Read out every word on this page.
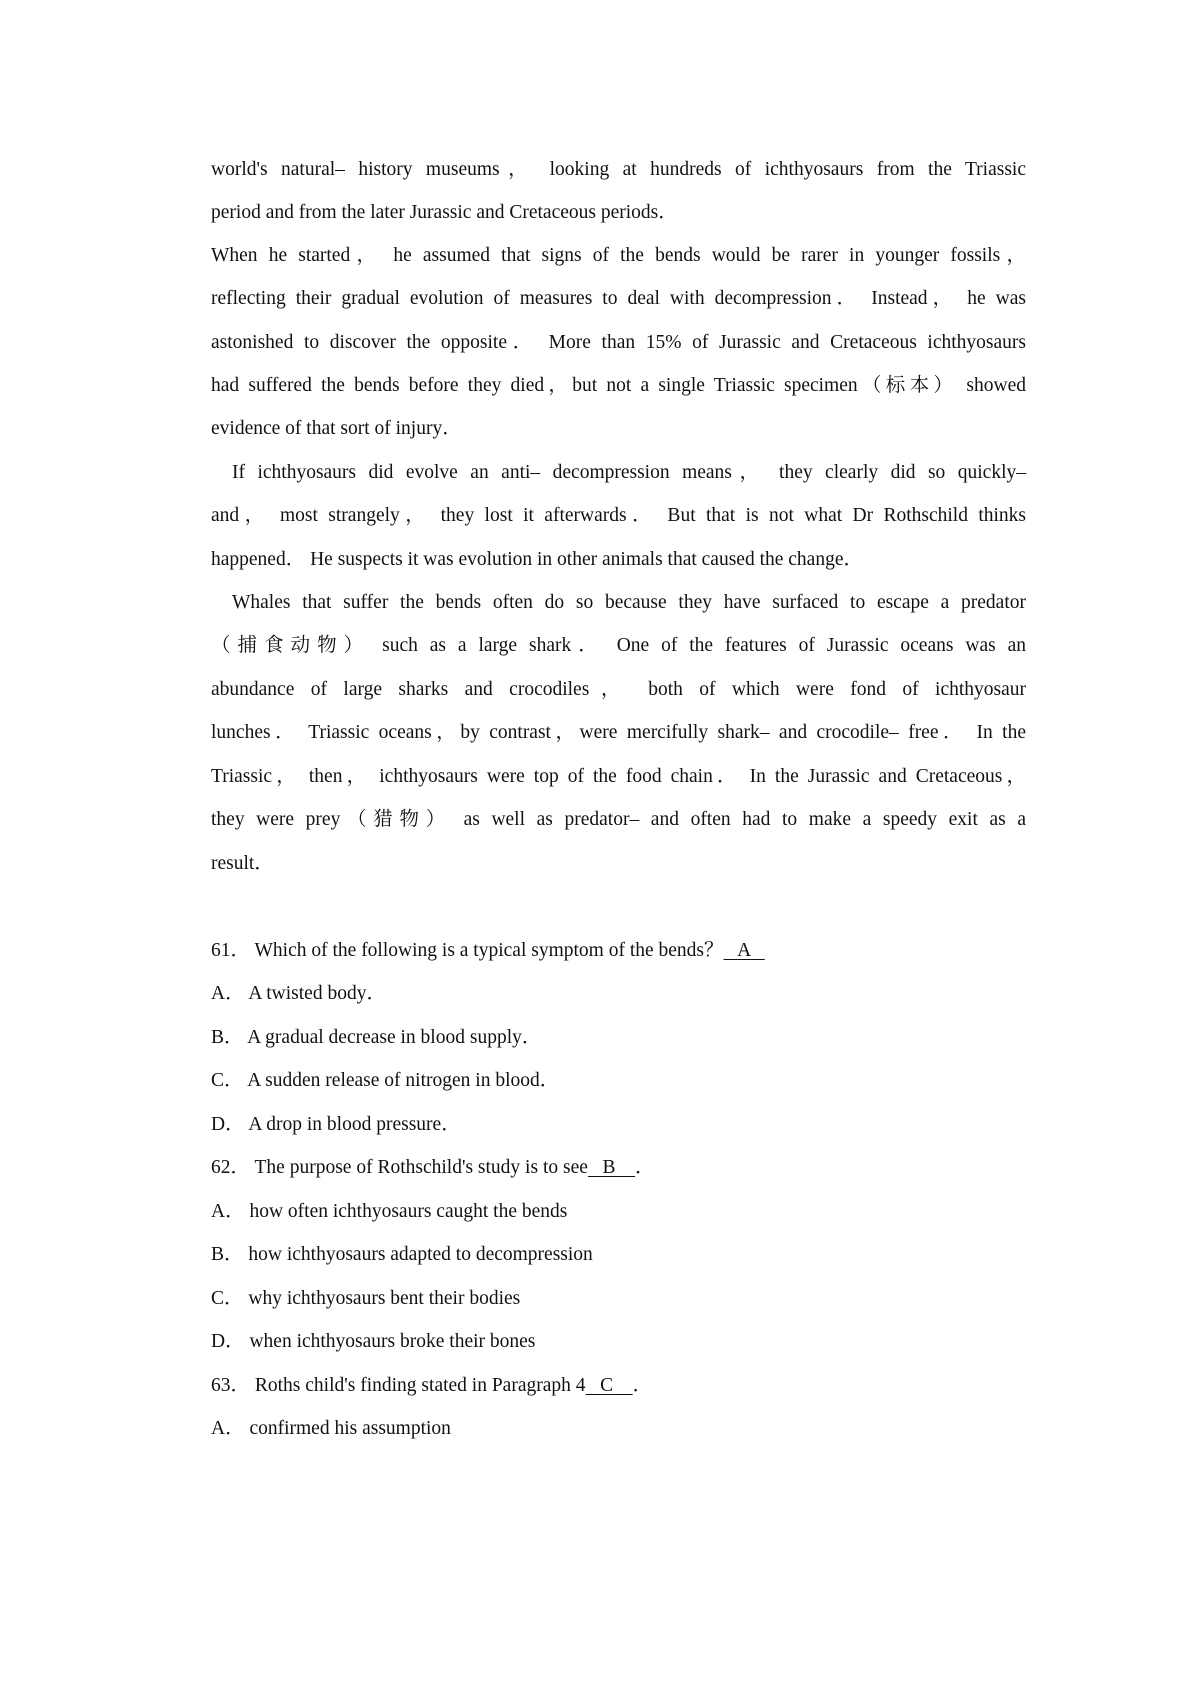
world's natural– history museums， looking at hundreds of ichthyosaurs from the Triassic
period and from the later Jurassic and Cretaceous periods．
When he started， he assumed that signs of the bends would be rarer in younger fossils，
reflecting their gradual evolution of measures to deal with decompression． Instead， he was
astonished to discover the opposite． More than 15% of Jurassic and Cretaceous ichthyosaurs
had suffered the bends before they died，but not a single Triassic specimen（标本） showed
evidence of that sort of injury．
If ichthyosaurs did evolve an anti– decompression means， they clearly did so quickly–
and， most strangely， they lost it afterwards． But that is not what Dr Rothschild thinks
happened． He suspects it was evolution in other animals that caused the change．
Whales that suffer the bends often do so because they have surfaced to escape a predator
（捕食动物） such as a large shark． One of the features of Jurassic oceans was an
abundance of large sharks and crocodiles， both of which were fond of ichthyosaur
lunches． Triassic oceans，by contrast，were mercifully shark– and crocodile– free． In the
Triassic， then， ichthyosaurs were top of the food chain． In the Jurassic and Cretaceous，
they were prey（猎物） as well as predator– and often had to make a speedy exit as a
result．
61． Which of the following is a typical symptom of the bends？ A
A． A twisted body．
B． A gradual decrease in blood supply．
C． A sudden release of nitrogen in blood．
D． A drop in blood pressure．
62． The purpose of Rothschild's study is to see B ．
A． how often ichthyosaurs caught the bends
B． how ichthyosaurs adapted to decompression
C． why ichthyosaurs bent their bodies
D． when ichthyosaurs broke their bones
63． Roths child's finding stated in Paragraph 4 C ．
A． confirmed his assumption
